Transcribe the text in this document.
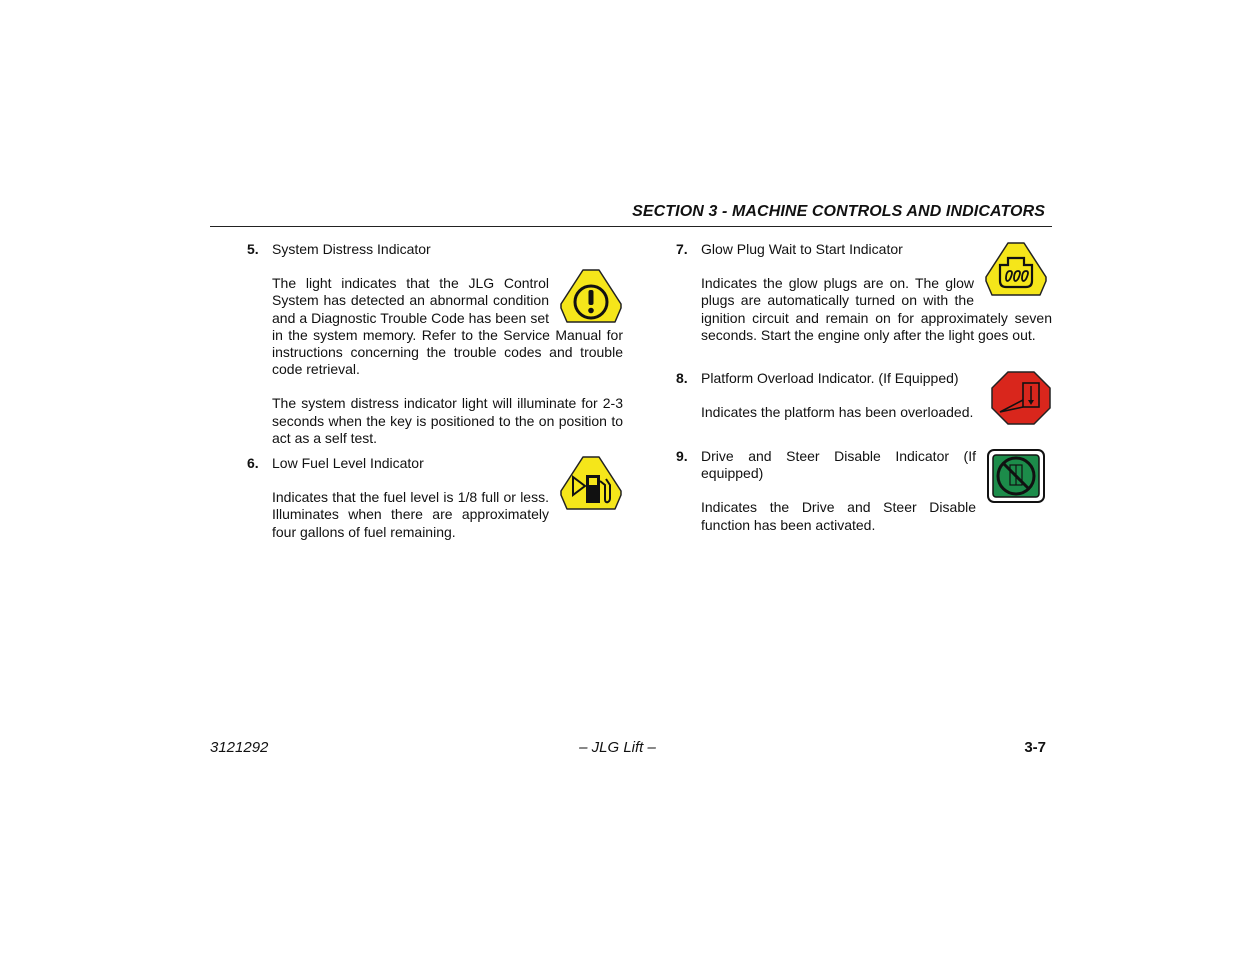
SECTION 3 - MACHINE CONTROLS AND INDICATORS
5. System Distress Indicator

The light indicates that the JLG Control System has detected an abnormal condition and a Diagnostic Trouble Code has been set in the system memory. Refer to the Service Manual for instructions concerning the trouble codes and trouble code retrieval.

The system distress indicator light will illuminate for 2-3 seconds when the key is positioned to the on position to act as a self test.

6. Low Fuel Level Indicator

Indicates that the fuel level is 1/8 full or less. Illuminates when there are approximately four gallons of fuel remaining.

7. Glow Plug Wait to Start Indicator

Indicates the glow plugs are on. The glow plugs are automatically turned on with the ignition circuit and remain on for approximately seven seconds. Start the engine only after the light goes out.

8. Platform Overload Indicator. (If Equipped)

Indicates the platform has been overloaded.

9. Drive and Steer Disable Indicator (If equipped)

Indicates the Drive and Steer Disable function has been activated.

3121292	– JLG Lift –	3-7
